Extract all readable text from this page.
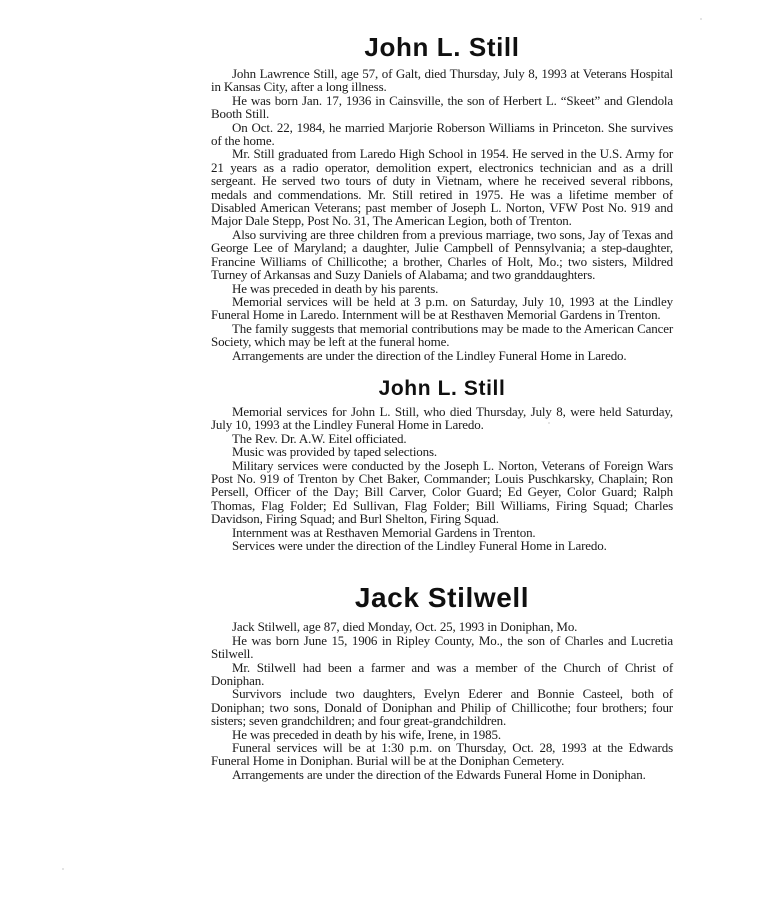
John L. Still

John Lawrence Still, age 57, of Galt, died Thursday, July 8, 1993 at Veterans Hospital in Kansas City, after a long illness.

He was born Jan. 17, 1936 in Cainsville, the son of Herbert L. “Skeet” and Glendola Booth Still.

On Oct. 22, 1984, he married Marjorie Roberson Williams in Princeton. She survives of the home.

Mr. Still graduated from Laredo High School in 1954. He served in the U.S. Army for 21 years as a radio operator, demolition expert, electronics technician and as a drill sergeant. He served two tours of duty in Vietnam, where he received several ribbons, medals and commendations. Mr. Still retired in 1975. He was a lifetime member of Disabled American Veterans; past member of Joseph L. Norton, VFW Post No. 919 and Major Dale Stepp, Post No. 31, The American Legion, both of Trenton.

Also surviving are three children from a previous marriage, two sons, Jay of Texas and George Lee of Maryland; a daughter, Julie Campbell of Pennsylvania; a step-daughter, Francine Williams of Chillicothe; a brother, Charles of Holt, Mo.; two sisters, Mildred Turney of Arkansas and Suzy Daniels of Alabama; and two granddaughters.

He was preceded in death by his parents.

Memorial services will be held at 3 p.m. on Saturday, July 10, 1993 at the Lindley Funeral Home in Laredo. Internment will be at Resthaven Memorial Gardens in Trenton.

The family suggests that memorial contributions may be made to the American Cancer Society, which may be left at the funeral home.

Arrangements are under the direction of the Lindley Funeral Home in Laredo.

John L. Still

Memorial services for John L. Still, who died Thursday, July 8, were held Saturday, July 10, 1993 at the Lindley Funeral Home in Laredo.

The Rev. Dr. A.W. Eitel officiated.

Music was provided by taped selections.

Military services were conducted by the Joseph L. Norton, Veterans of Foreign Wars Post No. 919 of Trenton by Chet Baker, Commander; Louis Puschkarsky, Chaplain; Ron Persell, Officer of the Day; Bill Carver, Color Guard; Ed Geyer, Color Guard; Ralph Thomas, Flag Folder; Ed Sullivan, Flag Folder; Bill Williams, Firing Squad; Charles Davidson, Firing Squad; and Burl Shelton, Firing Squad.

Internment was at Resthaven Memorial Gardens in Trenton.

Services were under the direction of the Lindley Funeral Home in Laredo.

Jack Stilwell

Jack Stilwell, age 87, died Monday, Oct. 25, 1993 in Doniphan, Mo.

He was born June 15, 1906 in Ripley County, Mo., the son of Charles and Lucretia Stilwell.

Mr. Stilwell had been a farmer and was a member of the Church of Christ of Doniphan.

Survivors include two daughters, Evelyn Ederer and Bonnie Casteel, both of Doniphan; two sons, Donald of Doniphan and Philip of Chillicothe; four brothers; four sisters; seven grandchildren; and four great-grandchildren.

He was preceded in death by his wife, Irene, in 1985.

Funeral services will be at 1:30 p.m. on Thursday, Oct. 28, 1993 at the Edwards Funeral Home in Doniphan. Burial will be at the Doniphan Cemetery.

Arrangements are under the direction of the Edwards Funeral Home in Doniphan.
